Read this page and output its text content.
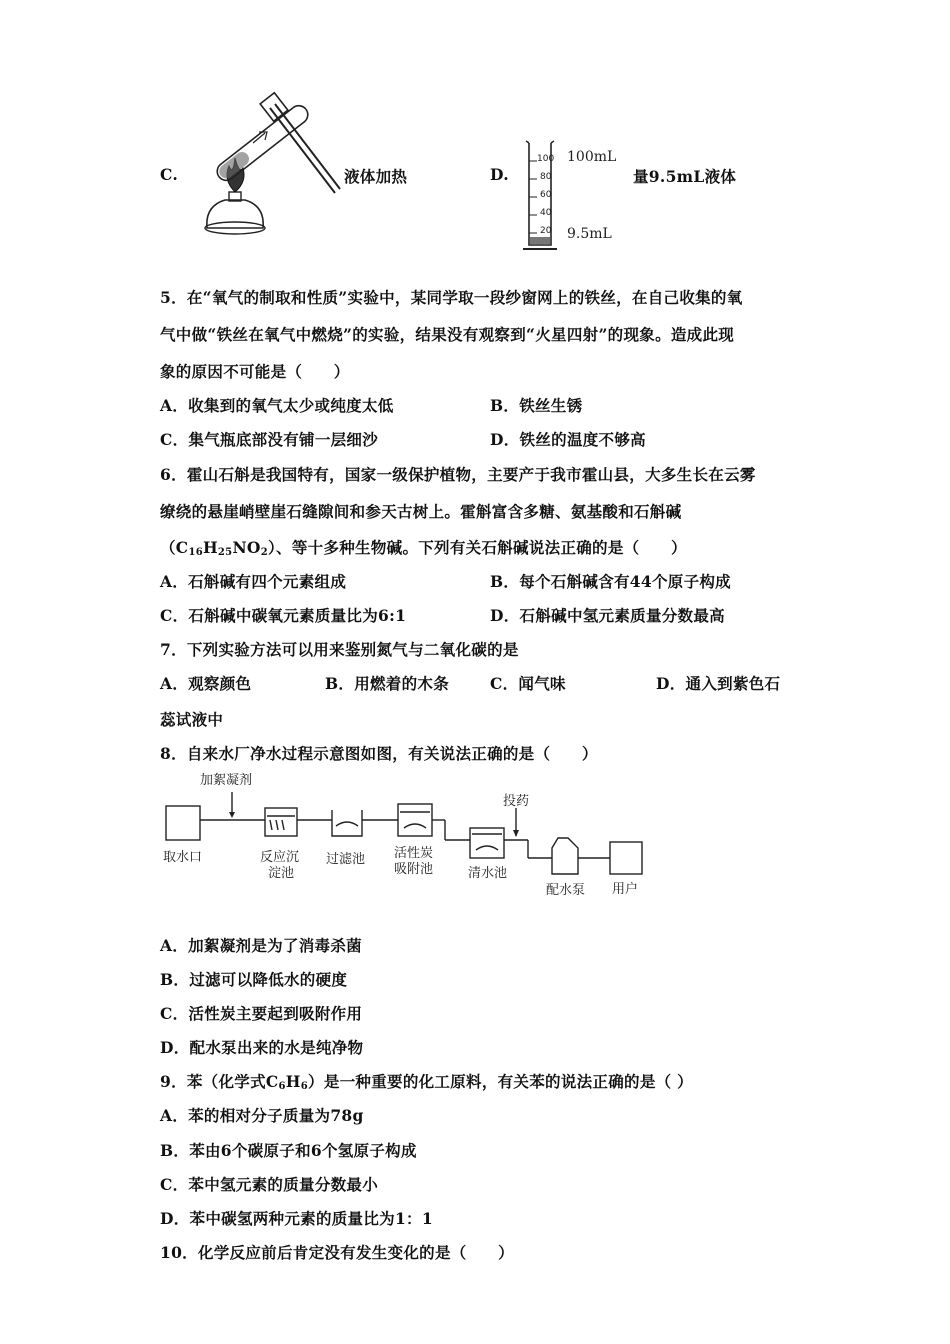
C.	液体加热	D.
100
80
60
40
20
100mL
9.5mL
量9.5mL液体
5．在“氧气的制取和性质”实验中，某同学取一段纱窗网上的铁丝，在自己收集的氧
气中做“铁丝在氧气中燃烧”的实验，结果没有观察到“火星四射”的现象。造成此现
象的原因不可能是（　　）
A．收集到的氧气太少或纯度太低	B．铁丝生锈
C．集气瓶底部没有铺一层细沙	D．铁丝的温度不够高
6．霍山石斛是我国特有，国家一级保护植物，主要产于我市霍山县，大多生长在云雾
缭绕的悬崖峭壁崖石缝隙间和参天古树上。霍斛富含多糖、氨基酸和石斛碱
$(C_{16}H_{25}NO_2)$、等十多种生物碱。下列有关石斛碱说法正确的是（　　）
A．石斛碱有四个元素组成	B．每个石斛碱含有44个原子构成
C．石斛碱中碳氧元素质量比为6:1	D．石斛碱中氢元素质量分数最高
7．下列实验方法可以用来鉴别氮气与二氧化碳的是
A．观察颜色	B．用燃着的木条	C．闻气味	D．通入到紫色石
蕊试液中
8．自来水厂净水过程示意图如图，有关说法正确的是（　　）
加絮凝剂
投药
取水口	反应沉
淀池
过滤池 活性炭
吸附池	清水池
配水泵 用户
A．加絮凝剂是为了消毒杀菌
B．过滤可以降低水的硬度
C．活性炭主要起到吸附作用
D．配水泵出来的水是纯净物
9．苯（化学式$C_6H_6$）是一种重要的化工原料，有关苯的说法正确的是（ ）
A．苯的相对分子质量为78g
B．苯由6个碳原子和6个氢原子构成
C．苯中氢元素的质量分数最小
D．苯中碳氢两种元素的质量比为1：1
10．化学反应前后肯定没有发生变化的是（　　）
